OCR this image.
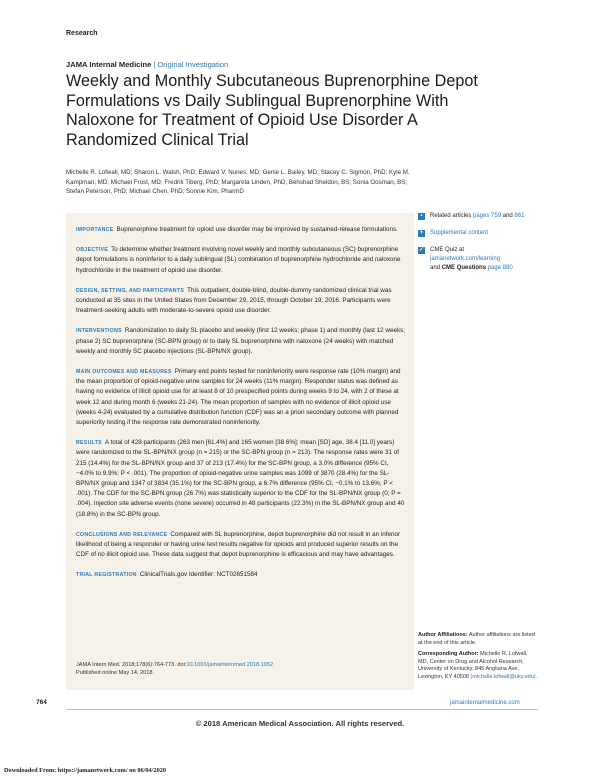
Research
JAMA Internal Medicine | Original Investigation
Weekly and Monthly Subcutaneous Buprenorphine Depot Formulations vs Daily Sublingual Buprenorphine With Naloxone for Treatment of Opioid Use Disorder A Randomized Clinical Trial
Michelle R. Lofwall, MD; Sharon L. Walsh, PhD; Edward V. Nunes, MD; Genie L. Bailey, MD; Stacey C. Sigmon, PhD; Kyle M. Kampman, MD; Michael Frost, MD; Fredrik Tiberg, PhD; Margareta Linden, PhD; Behshad Sheldon, BS; Sonia Oosman, BS; Stefan Peterson, PhD; Michael Chen, PhD; Sonnie Kim, PharmD

IMPORTANCE Buprenorphine treatment for opioid use disorder may be improved by sustained-release formulations.

OBJECTIVE To determine whether treatment involving novel weekly and monthly subcutaneous (SC) buprenorphine depot formulations is noninferior to a daily sublingual (SL) combination of buprenorphine hydrochloride and naloxone hydrochloride in the treatment of opioid use disorder.

DESIGN, SETTING, AND PARTICIPANTS This outpatient, double-blind, double-dummy randomized clinical trial was conducted at 35 sites in the United States from December 29, 2015, through October 19, 2016. Participants were treatment-seeking adults with moderate-to-severe opioid use disorder.

INTERVENTIONS Randomization to daily SL placebo and weekly (first 12 weeks; phase 1) and monthly (last 12 weeks; phase 2) SC buprenorphine (SC-BPN group) or to daily SL buprenorphine with naloxone (24 weeks) with matched weekly and monthly SC placebo injections (SL-BPN/NX group).

MAIN OUTCOMES AND MEASURES Primary end points tested for noninferiority were response rate (10% margin) and the mean proportion of opioid-negative urine samples for 24 weeks (11% margin). Responder status was defined as having no evidence of illicit opioid use for at least 8 of 10 prespecified points during weeks 9 to 24, with 2 of these at week 12 and during month 6 (weeks 21-24). The mean proportion of samples with no evidence of illicit opioid use (weeks 4-24) evaluated by a cumulative distribution function (CDF) was an a priori secondary outcome with planned superiority testing if the response rate demonstrated noninferiority.

RESULTS A total of 428 participants (263 men [61.4%] and 165 women [38.6%]; mean [SD] age, 38.4 [11.0] years) were randomized to the SL-BPN/NX group (n = 215) or the SC-BPN group (n = 213). The response rates were 31 of 215 (14.4%) for the SL-BPN/NX group and 37 of 213 (17.4%) for the SC-BPN group, a 3.0% difference (95% CI, −4.0% to 9.9%; P < .001). The proportion of opioid-negative urine samples was 1099 of 3870 (28.4%) for the SL-BPN/NX group and 1347 of 3834 (35.1%) for the SC-BPN group, a 6.7% difference (95% CI, −0.1% to 13.6%; P < .001). The CDF for the SC-BPN group (26.7%) was statistically superior to the CDF for the SL-BPN/NX group (0; P = .004). Injection site adverse events (none severe) occurred in 48 participants (22.3%) in the SL-BPN/NX group and 40 (18.8%) in the SC-BPN group.

CONCLUSIONS AND RELEVANCE Compared with SL buprenorphine, depot buprenorphine did not result in an inferior likelihood of being a responder or having urine test results negative for opioids and produced superior results on the CDF of no illicit opioid use. These data suggest that depot buprenorphine is efficacious and may have advantages.

TRIAL REGISTRATION ClinicalTrials.gov Identifier: NCT02651584

JAMA Intern Med. 2018;178(6):764-773. doi:10.1001/jamainternmed.2018.1052
Published online May 14, 2018.
▪	Related articles pages 759 and 861
+ Supplemental content
✓ CME Quiz at
jamanetwork.com/learning
and CME Questions page 880
Author Affiliations: Author affiliations are listed at the end of this article.
Corresponding Author: Michelle R. Lofwall, MD, Center on Drug and Alcohol Research, University of Kentucky, 845 Angliana Ave, Lexington, KY 40508 (michelle.lofwall@uky.edu).
764	jamainternalmedicine.com
© 2018 American Medical Association. All rights reserved.
Downloaded From: https://jamanetwork.com/ on 06/04/2020
